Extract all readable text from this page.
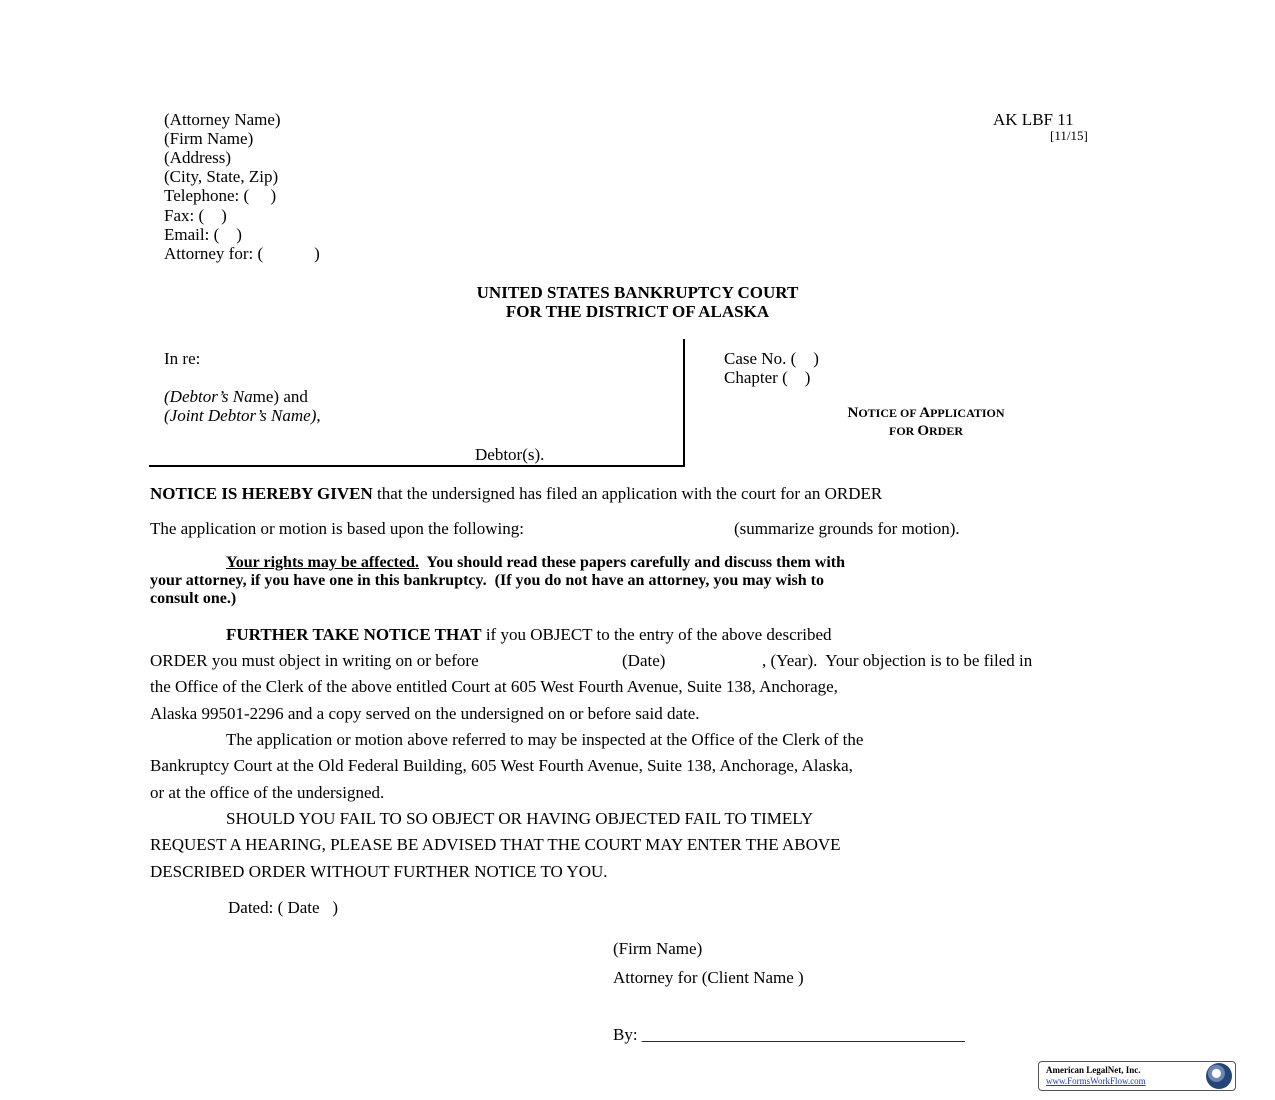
(Attorney Name)
(Firm Name)
(Address)
(City, State, Zip)
Telephone: (     )
Fax: (    )
Email: (    )
Attorney for: (            )
AK LBF 11
[11/15]
UNITED STATES BANKRUPTCY COURT
FOR THE DISTRICT OF ALASKA
In re:
(Debtor’s Name) and
(Joint Debtor’s Name),
Debtor(s).
Case No. (    )
Chapter (    )
NOTICE OF APPLICATION
FOR ORDER
NOTICE IS HEREBY GIVEN that the undersigned has filed an application with the court for an ORDER
The application or motion is based upon the following:	(summarize grounds for motion).
Your rights may be affected.  You should read these papers carefully and discuss them with
your attorney, if you have one in this bankruptcy.  (If you do not have an attorney, you may wish to
consult one.)
FURTHER TAKE NOTICE THAT if you OBJECT to the entry of the above described
ORDER you must object in writing on or before	(Date)	, (Year).  Your objection is to be filed in
the Office of the Clerk of the above entitled Court at 605 West Fourth Avenue, Suite 138, Anchorage,
Alaska 99501-2296 and a copy served on the undersigned on or before said date.
The application or motion above referred to may be inspected at the Office of the Clerk of the
Bankruptcy Court at the Old Federal Building, 605 West Fourth Avenue, Suite 138, Anchorage, Alaska,
or at the office of the undersigned.
SHOULD YOU FAIL TO SO OBJECT OR HAVING OBJECTED FAIL TO TIMELY
REQUEST A HEARING, PLEASE BE ADVISED THAT THE COURT MAY ENTER THE ABOVE
DESCRIBED ORDER WITHOUT FURTHER NOTICE TO YOU.
Dated: ( Date   )
(Firm Name)
Attorney for (Client Name )
By: ______________________________________
American LegalNet, Inc.
www.FormsWorkFlow.com
